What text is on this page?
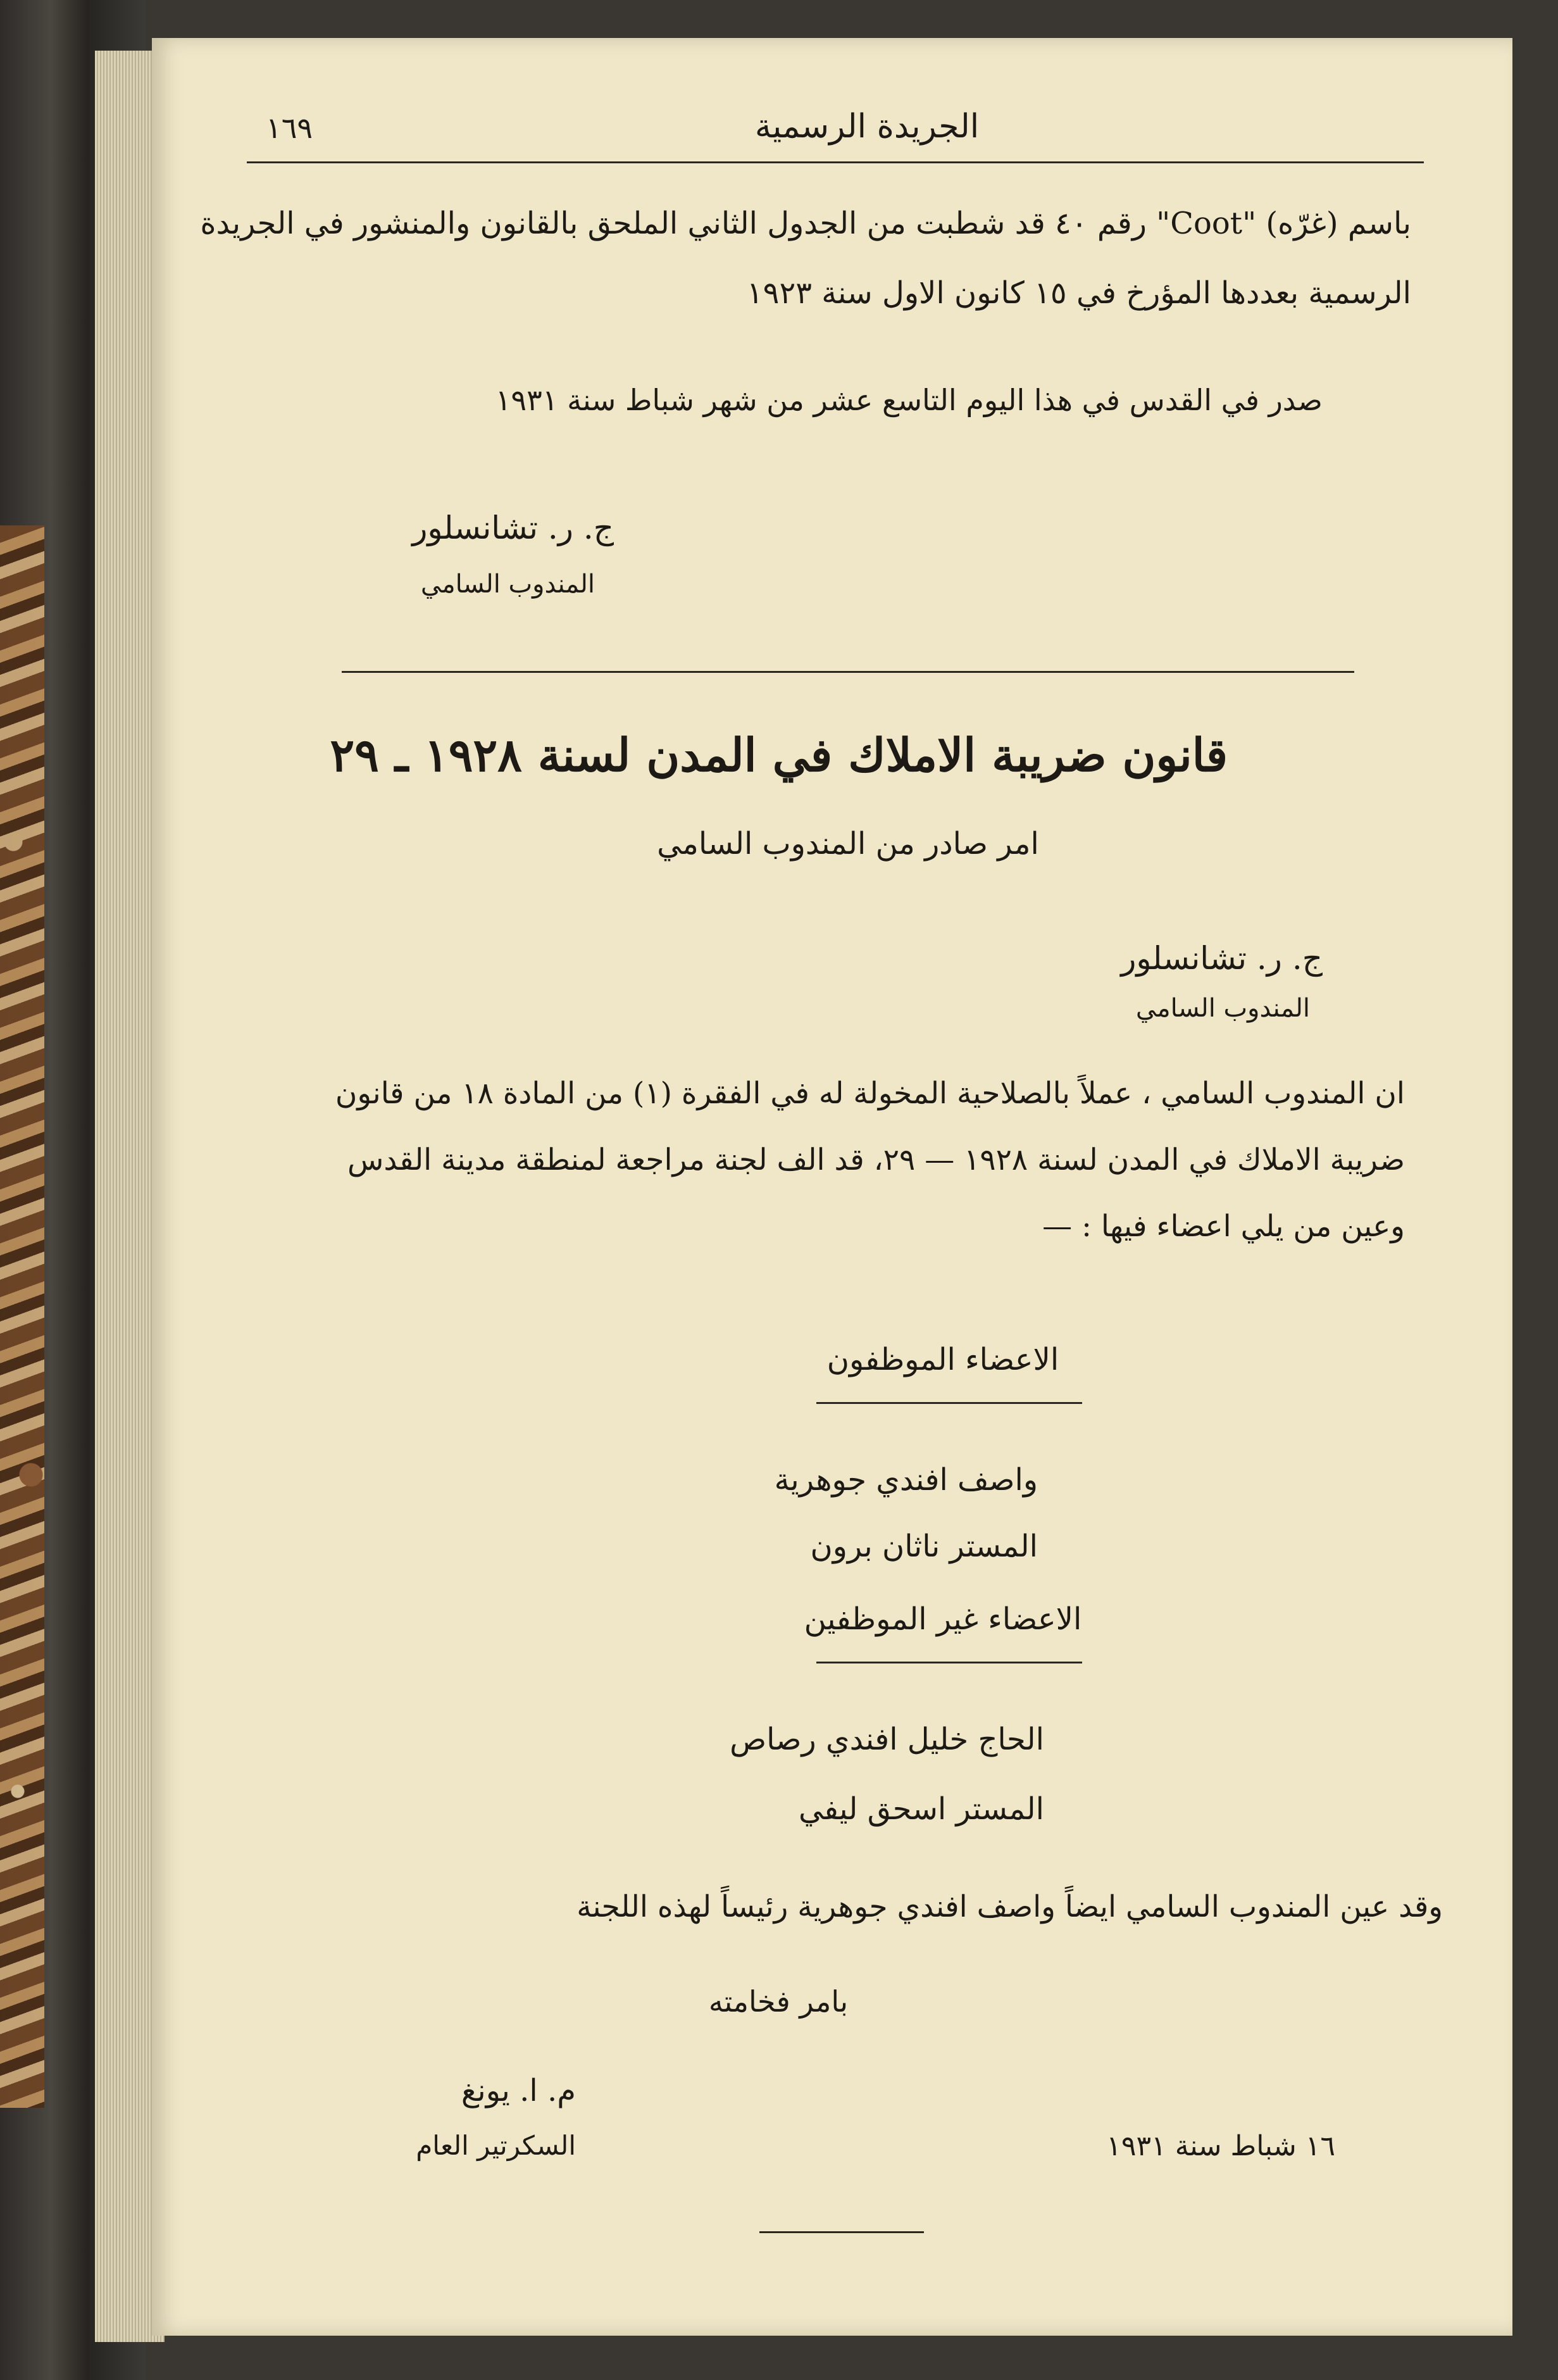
١٦٩	الجريدة الرسمية
باسم (غرّه) "Coot" رقم ٤٠ قد شطبت من الجدول الثاني الملحق بالقانون والمنشور في الجريدة
الرسمية بعددها المؤرخ في ١٥ كانون الاول سنة ١٩٢٣
صدر في القدس في هذا اليوم التاسع عشر من شهر شباط سنة ١٩٣١
ج. ر. تشانسلور
المندوب السامي
قانون ضريبة الاملاك في المدن لسنة ١٩٢٨ ـ ٢٩
امر صادر من المندوب السامي
ج. ر. تشانسلور
المندوب السامي
ان المندوب السامي ، عملاً بالصلاحية المخولة له في الفقرة (١) من المادة ١٨ من قانون
ضريبة الاملاك في المدن لسنة ١٩٢٨ — ٢٩، قد الف لجنة مراجعة لمنطقة مدينة القدس
وعين من يلي اعضاء فيها : —
الاعضاء الموظفون
واصف افندي جوهرية
المستر ناثان برون
الاعضاء غير الموظفين
الحاج خليل افندي رصاص
المستر اسحق ليفي
وقد عين المندوب السامي ايضاً واصف افندي جوهرية رئيساً لهذه اللجنة
بامر فخامته
م. ا. يونغ
السكرتير العام	١٦ شباط سنة ١٩٣١
